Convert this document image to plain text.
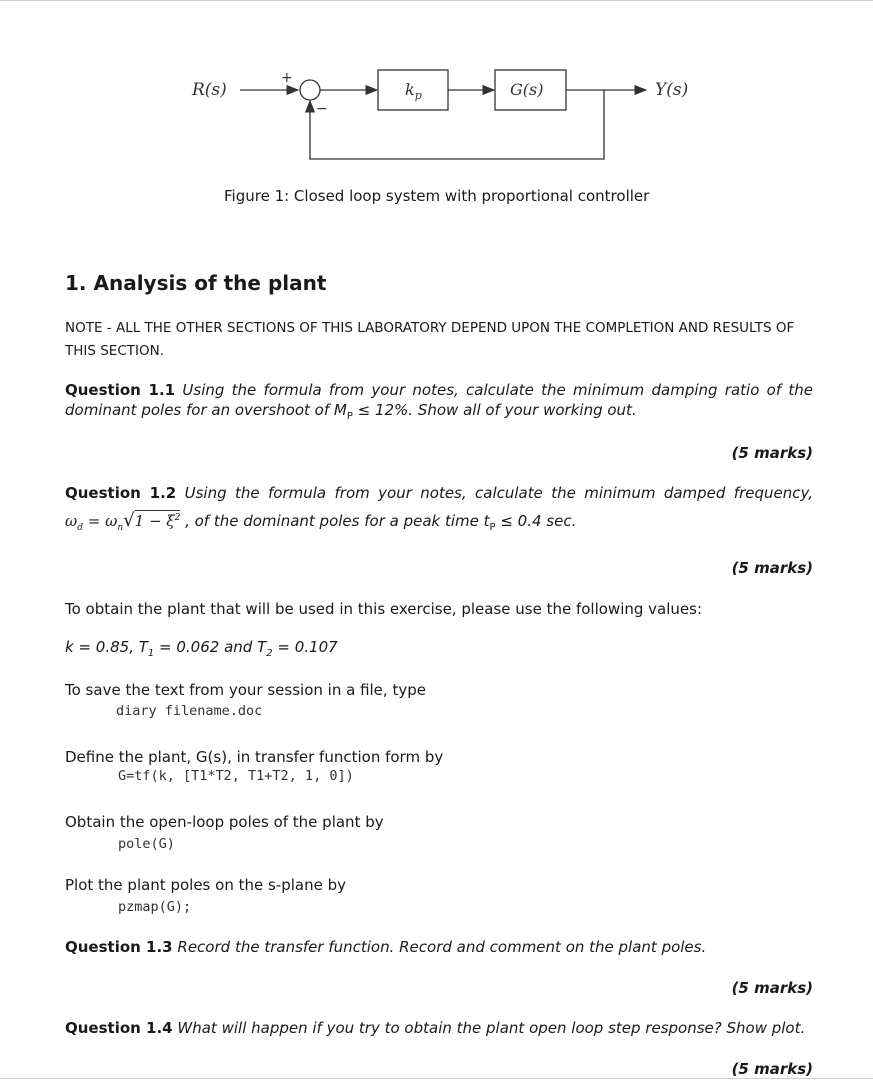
R(s)
+
−
$k_p$	G(s)	Y(s)
Figure 1: Closed loop system with proportional controller
1. Analysis of the plant
NOTE - ALL THE OTHER SECTIONS OF THIS LABORATORY DEPEND UPON THE COMPLETION AND RESULTS OF THIS SECTION.
Question 1.1 Using the formula from your notes, calculate the minimum damping ratio of the
dominant poles for an overshoot of $M_P \le 12\%$. Show all of your working out.
(5 marks)
Question 1.2 Using the formula from your notes, calculate the minimum damped frequency,
$\omega_d = \omega_n√1 - \xi^2$ , of the dominant poles for a peak time $t_P \le 0.4$ sec.
(5 marks)
To obtain the plant that will be used in this exercise, please use the following values:
k = 0.85, $T_1 = 0.062$ and $T_2 = 0.107$
To save the text from your session in a file, type
diary filename.doc
Define the plant, G(s), in transfer function form by
G=tf(k, [T1*T2, T1+T2, 1, 0])
Obtain the open-loop poles of the plant by
pole(G)
Plot the plant poles on the s-plane by
pzmap(G);
Question 1.3 Record the transfer function. Record and comment on the plant poles.
(5 marks)
Question 1.4 What will happen if you try to obtain the plant open loop step response? Show plot.
(5 marks)
